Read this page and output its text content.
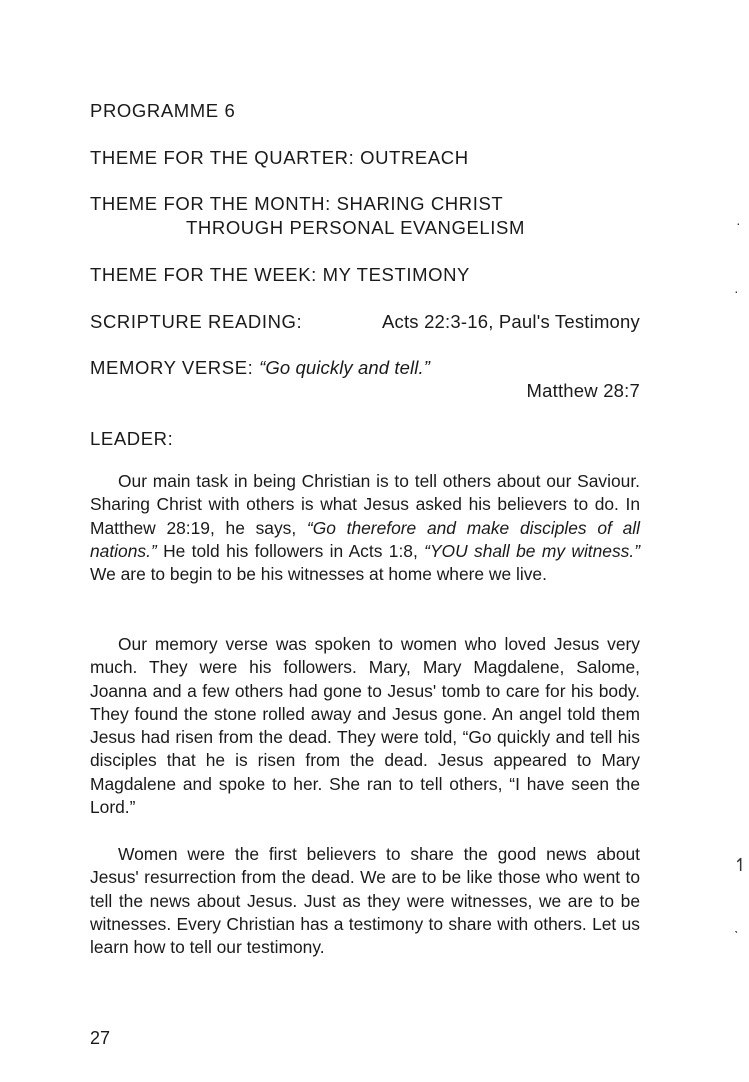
PROGRAMME 6
THEME FOR THE QUARTER: OUTREACH
THEME FOR THE MONTH: SHARING CHRIST
THROUGH PERSONAL EVANGELISM
THEME FOR THE WEEK: MY TESTIMONY
SCRIPTURE READING:	Acts 22:3-16, Paul's Testimony
MEMORY VERSE: “Go quickly and tell.”
Matthew 28:7
LEADER:

Our main task in being Christian is to tell others about our Saviour. Sharing Christ with others is what Jesus asked his believers to do. In Matthew 28:19, he says, “Go therefore and make disciples of all nations.” He told his followers in Acts 1:8, “YOU shall be my witness.” We are to begin to be his witnesses at home where we live.

Our memory verse was spoken to women who loved Jesus very much. They were his followers. Mary, Mary Magdalene, Salome, Joanna and a few others had gone to Jesus' tomb to care for his body. They found the stone rolled away and Jesus gone. An angel told them Jesus had risen from the dead. They were told, “Go quickly and tell his disciples that he is risen from the dead. Jesus appeared to Mary Magdalene and spoke to her. She ran to tell others, “I have seen the Lord.”

Women were the first believers to share the good news about Jesus' resurrection from the dead. We are to be like those who went to tell the news about Jesus. Just as they were witnesses, we are to be witnesses. Every Christian has a testimony to share with others. Let us learn how to tell our testimony.

27
·
·
↿
ˋ
